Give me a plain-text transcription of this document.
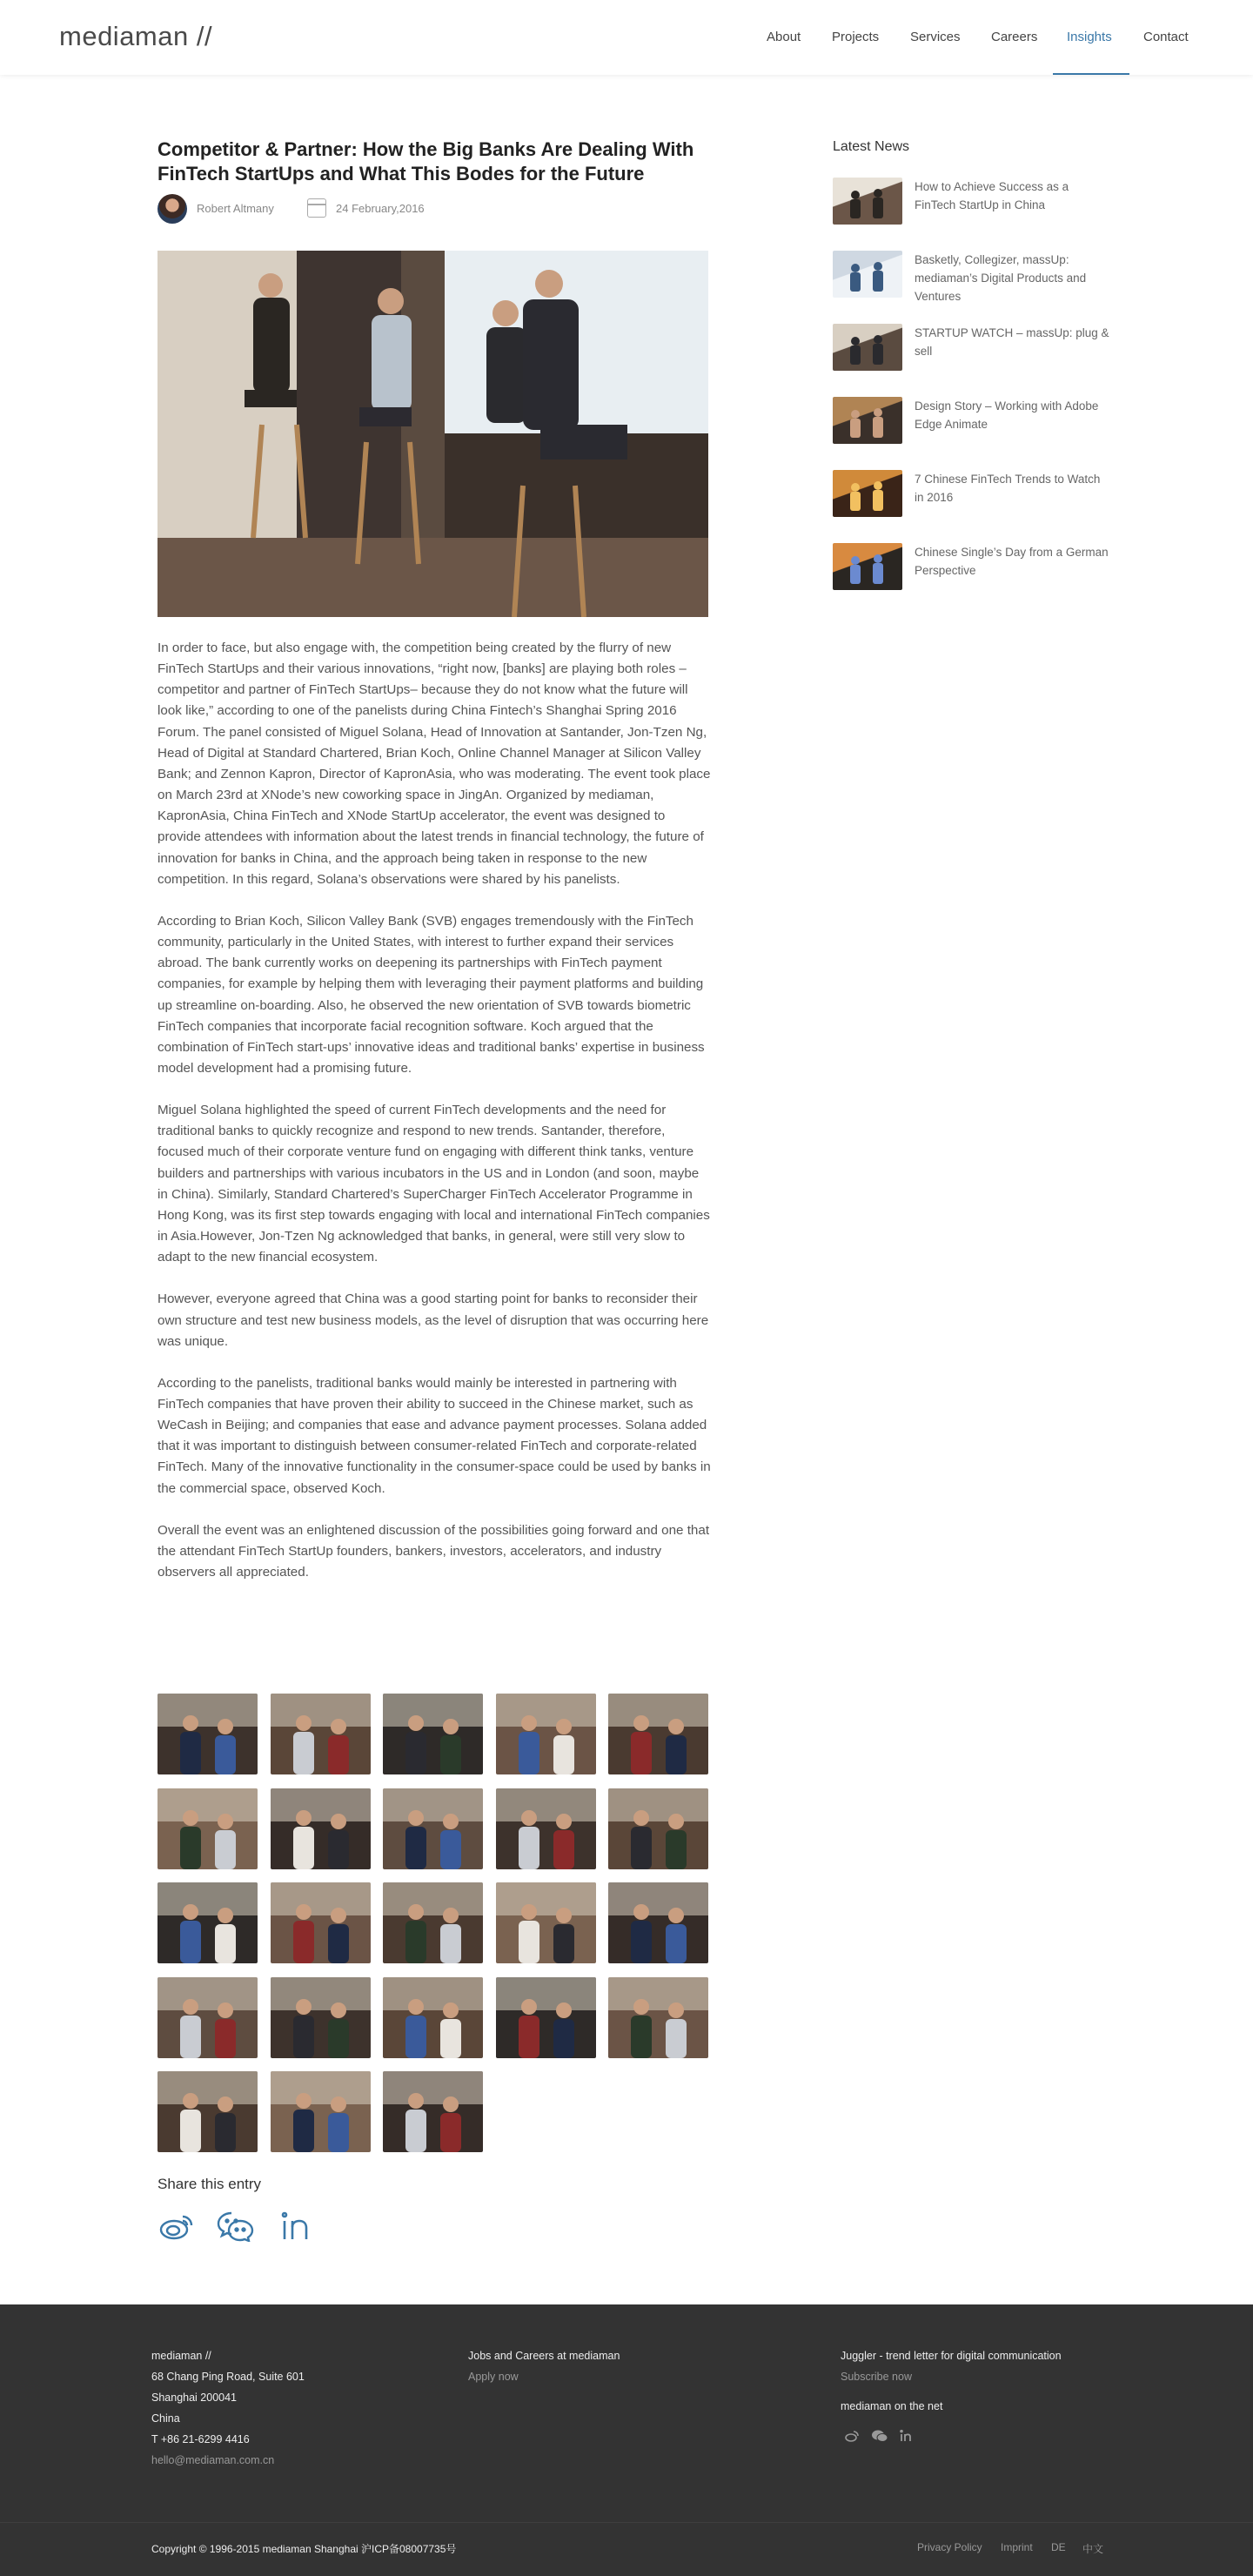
mediaman //	About Projects Services Careers Insights Contact
Competitor & Partner: How the Big Banks Are Dealing With FinTech StartUps and What This Bodes for the Future
Robert Altmany	24 February,2016

In order to face, but also engage with, the competition being created by the flurry of new FinTech StartUps and their various innovations, “right now, [banks] are playing both roles – competitor and partner of FinTech StartUps– because they do not know what the future will look like,” according to one of the panelists during China Fintech’s Shanghai Spring 2016 Forum. The panel consisted of Miguel Solana, Head of Innovation at Santander, Jon-Tzen Ng, Head of Digital at Standard Chartered, Brian Koch, Online Channel Manager at Silicon Valley Bank; and Zennon Kapron, Director of KapronAsia, who was moderating. The event took place on March 23rd at XNode’s new coworking space in JingAn. Organized by mediaman, KapronAsia, China FinTech and XNode StartUp accelerator, the event was designed to provide attendees with information about the latest trends in financial technology, the future of innovation for banks in China, and the approach being taken in response to the new competition. In this regard, Solana’s observations were shared by his panelists.

According to Brian Koch, Silicon Valley Bank (SVB) engages tremendously with the FinTech community, particularly in the United States, with interest to further expand their services abroad. The bank currently works on deepening its partnerships with FinTech payment companies, for example by helping them with leveraging their payment platforms and building up streamline on-boarding. Also, he observed the new orientation of SVB towards biometric FinTech companies that incorporate facial recognition software. Koch argued that the combination of FinTech start-ups’ innovative ideas and traditional banks’ expertise in business model development had a promising future.

Miguel Solana highlighted the speed of current FinTech developments and the need for traditional banks to quickly recognize and respond to new trends. Santander, therefore, focused much of their corporate venture fund on engaging with different think tanks, venture builders and partnerships with various incubators in the US and in London (and soon, maybe in China). Similarly, Standard Chartered’s SuperCharger FinTech Accelerator Programme in Hong Kong, was its first step towards engaging with local and international FinTech companies in Asia.However, Jon-Tzen Ng acknowledged that banks, in general, were still very slow to adapt to the new financial ecosystem.

However, everyone agreed that China was a good starting point for banks to reconsider their own structure and test new business models, as the level of disruption that was occurring here was unique.

According to the panelists, traditional banks would mainly be interested in partnering with FinTech companies that have proven their ability to succeed in the Chinese market, such as WeCash in Beijing; and companies that ease and advance payment processes. Solana added that it was important to distinguish between consumer-related FinTech and corporate-related FinTech. Many of the innovative functionality in the consumer-space could be used by banks in the commercial space, observed Koch.

Overall the event was an enlightened discussion of the possibilities going forward and one that the attendant FinTech StartUp founders, bankers, investors, accelerators, and industry observers all appreciated.

Share this entry
Latest News
How to Achieve Success as a FinTech StartUp in China
Basketly, Collegizer, massUp: mediaman’s Digital Products and Ventures
STARTUP WATCH – massUp: plug & sell
Design Story – Working with Adobe Edge Animate
7 Chinese FinTech Trends to Watch in 2016
Chinese Single’s Day from a German Perspective
mediaman //
68 Chang Ping Road, Suite 601
Shanghai 200041
China
T +86 21-6299 4416
hello@mediaman.com.cn
Jobs and Careers at mediaman
Apply now
Juggler - trend letter for digital communication
Subscribe now
mediaman on the net
Copyright © 1996-2015 mediaman Shanghai 沪ICP备08007735号	Privacy Policy Imprint DE 中文
